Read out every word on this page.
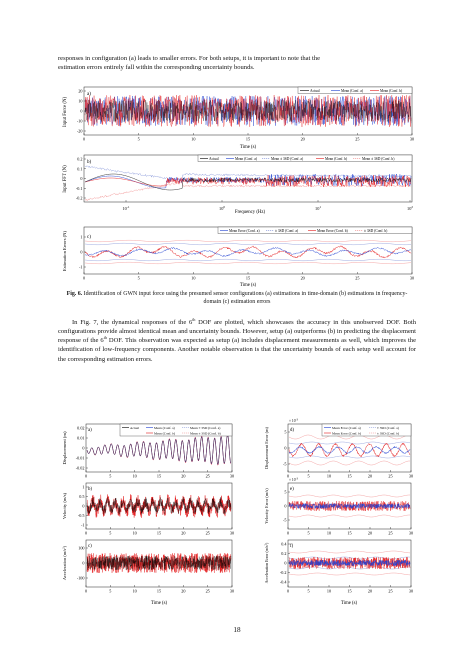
responses in configuration (a) leads to smaller errors. For both setups, it is important to note that the
estimation errors entirely fall within the corresponding uncertainty bounds.

a)
Input Force (N)
20
10
0
-10
-20
0	5	10	15	20	25	30
Time (s)
Actual	Mean (Conf. a)	Mean (Conf. b)
b)
Input FFT (N)
0.2
0.1
0
-0.1
-0.2
$10^{-1}$	$10^0$	$10^1$	$10^2$
Frequency (Hz)
Actual	Mean (Conf. a)	Mean ± 3SD (Conf. a)	Mean (Conf. b)	Mean ± 3SD (Conf. b)
c)
Estimation Errors (N)	1
0
-1
0	5	10	15	20	25	30
Time (s)
Mean Error (Conf. a)	± 3SD (Conf. a)	Mean Error (Conf. b)	± 3SD (Conf. b)

Fig. 6. Identification of GWN input force using the presumed sensor configurations (a) estimations in time-domain (b) estimations in frequency-domain (c) estimation errors

In Fig. 7, the dynamical responses of the 6th DOF are plotted, which showcases the accuracy in this unobserved DOF. Both configurations provide almost identical mean and uncertainty bounds. However, setup (a) outperforms (b) in predicting the displacement response of the 6th DOF. This observation was expected as setup (a) includes displacement measurements as well, which improves the identification of low-frequency components. Another notable observation is that the uncertainty bounds of each setup well account for the corresponding estimation errors.

a)
Displacement (m)
0.02
0.01
0
-0.01
-0.02
0	5	10	15	20	25	30
Actual	Mean (Conf. a)	Mean ± 3SD (Conf. a)
Mean (Conf. b)	Mean ± 3SD (Conf. b)
b)
Velocity (m/s)
1
0.5
0
-0.5
-1
0	5	10	15	20	25	30
c)
Acceleration $(m/s^2)$	100
0
-100
0	5	10	15	20	25	30
Time (s)
d)
× $10^{-3}$
Displacement Error (m)	5
0
-5
0	5	10	15	20	25	30
Mean Error (Conf. a)	± 3SD (Conf. a)
Mean Error (Conf. b)	± 3SD (Conf. b)
e)
× $10^{-3}$
Velocity Error (m/s)	5
0
-5
0	5	10	15	20	25	30
f)
Acceleration Error $(m/s^2)$	0.4
0.2
0
-0.2
-0.4
0	5	10	15	20	25	30
Time (s)
18
